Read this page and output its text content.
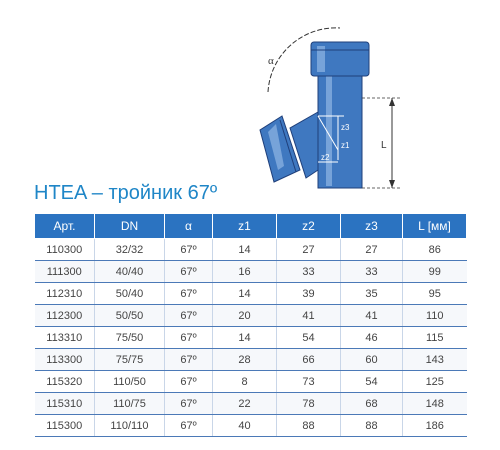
α
z3
z1
z2
L
HTEA – тройник 67º
Арт.	DN	α	z1	z2	z3	L [мм]
110300	32/32	67º	14	27	27	86
111300	40/40	67º	16	33	33	99
112310	50/40	67º	14	39	35	95
112300	50/50	67º	20	41	41	110
113310	75/50	67º	14	54	46	115
113300	75/75	67º	28	66	60	143
115320	110/50	67º	8	73	54	125
115310	110/75	67º	22	78	68	148
115300	110/110	67º	40	88	88	186
